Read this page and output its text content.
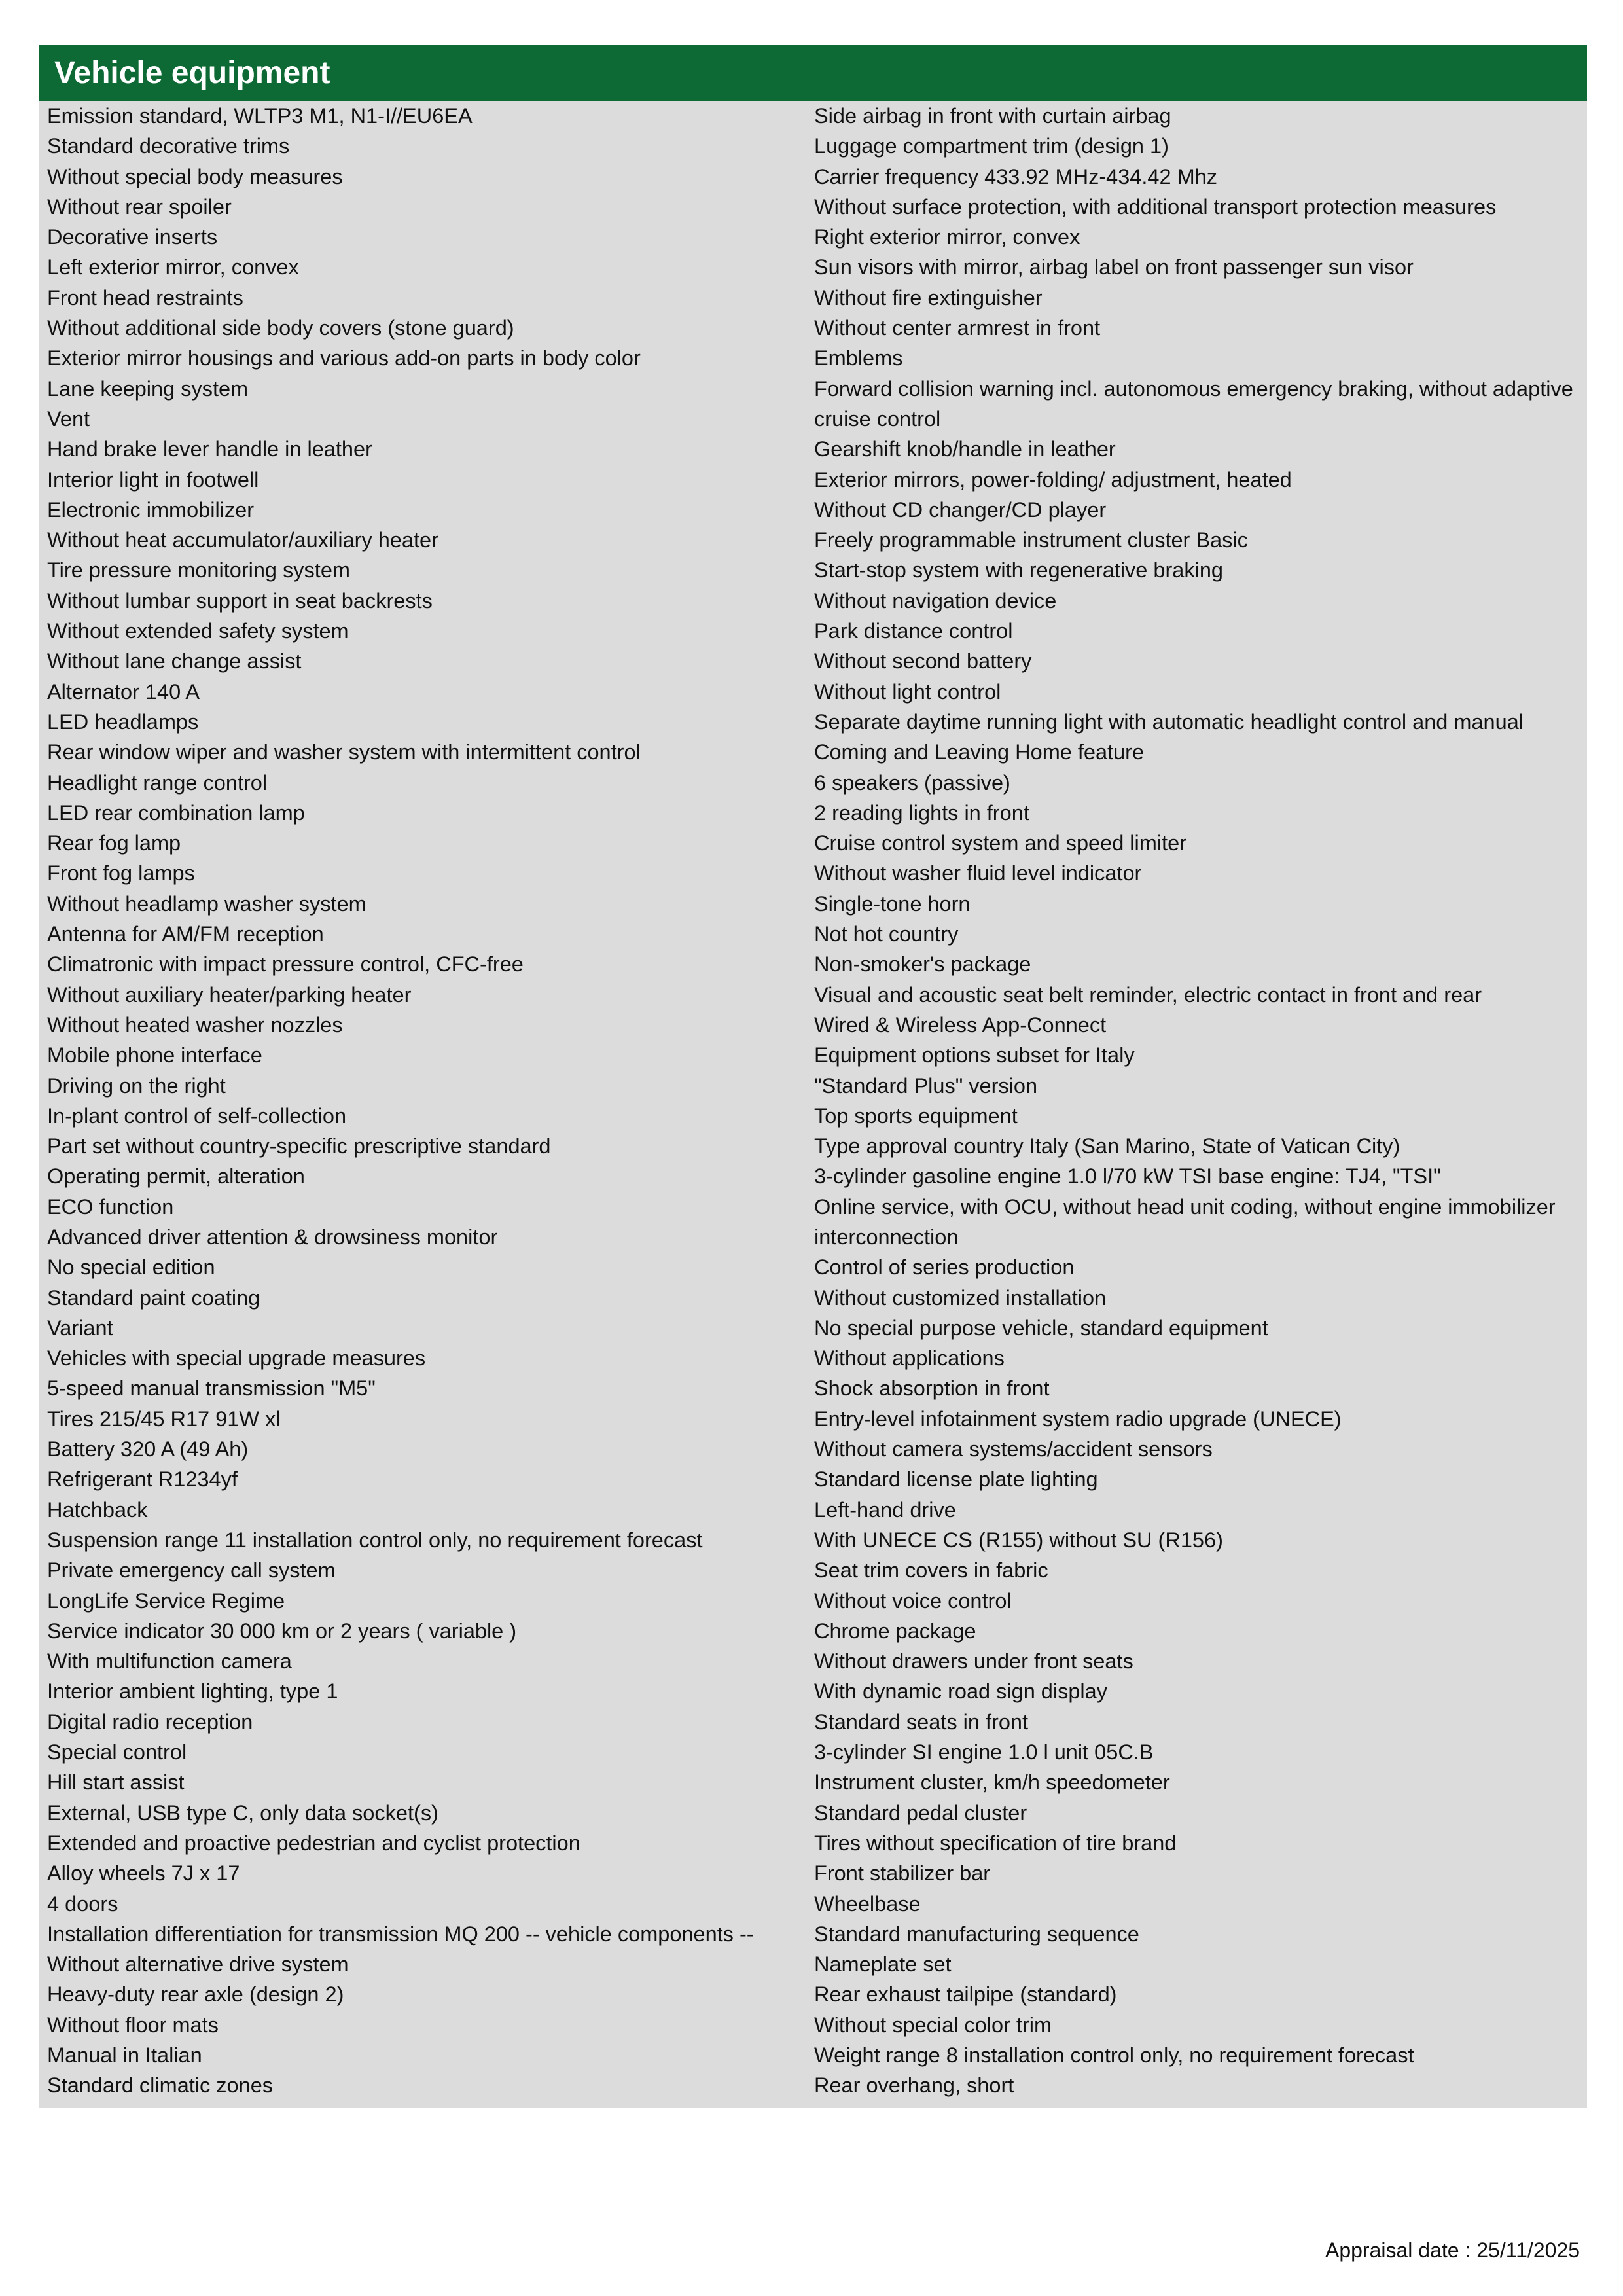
Vehicle equipment
Emission standard, WLTP3 M1, N1-I//EU6EA
Standard decorative trims
Without special body measures
Without rear spoiler
Decorative inserts
Left exterior mirror, convex
Front head restraints
Without additional side body covers (stone guard)
Exterior mirror housings and various add-on parts in body color
Lane keeping system
Vent
Hand brake lever handle in leather
Interior light in footwell
Electronic immobilizer
Without heat accumulator/auxiliary heater
Tire pressure monitoring system
Without lumbar support in seat backrests
Without extended safety system
Without lane change assist
Alternator 140 A
LED headlamps
Rear window wiper and washer system with intermittent control
Headlight range control
LED rear combination lamp
Rear fog lamp
Front fog lamps
Without headlamp washer system
Antenna for AM/FM reception
Climatronic with impact pressure control, CFC-free
Without auxiliary heater/parking heater
Without heated washer nozzles
Mobile phone interface
Driving on the right
In-plant control of self-collection
Part set without country-specific prescriptive standard
Operating permit, alteration
ECO function
Advanced driver attention & drowsiness monitor
No special edition
Standard paint coating
Variant
Vehicles with special upgrade measures
5-speed manual transmission "M5"
Tires 215/45 R17 91W xl
Battery 320 A (49 Ah)
Refrigerant R1234yf
Hatchback
Suspension range 11 installation control only, no requirement forecast
Private emergency call system
LongLife Service Regime
Service indicator 30 000 km or 2 years ( variable )
With multifunction camera
Interior ambient lighting, type 1
Digital radio reception
Special control
Hill start assist
External, USB type C, only data socket(s)
Extended and proactive pedestrian and cyclist protection
Alloy wheels 7J x 17
4 doors
Installation differentiation for transmission MQ 200 -- vehicle components --
Without alternative drive system
Heavy-duty rear axle (design 2)
Without floor mats
Manual in Italian
Standard climatic zones
Side airbag in front with curtain airbag
Luggage compartment trim (design 1)
Carrier frequency 433.92 MHz-434.42 Mhz
Without surface protection, with additional transport protection measures
Right exterior mirror, convex
Sun visors with mirror, airbag label on front passenger sun visor
Without fire extinguisher
Without center armrest in front
Emblems
Forward collision warning incl. autonomous emergency braking, without adaptive cruise control
Gearshift knob/handle in leather
Exterior mirrors, power-folding/ adjustment, heated
Without CD changer/CD player
Freely programmable instrument cluster Basic
Start-stop system with regenerative braking
Without navigation device
Park distance control
Without second battery
Without light control
Separate daytime running light with automatic headlight control and manual
Coming and Leaving Home feature
6 speakers (passive)
2 reading lights in front
Cruise control system and speed limiter
Without washer fluid level indicator
Single-tone horn
Not hot country
Non-smoker's package
Visual and acoustic seat belt reminder, electric contact in front and rear
Wired & Wireless App-Connect
Equipment options subset for Italy
"Standard Plus" version
Top sports equipment
Type approval country Italy (San Marino, State of Vatican City)
3-cylinder gasoline engine 1.0 l/70 kW TSI base engine: TJ4, "TSI"
Online service, with OCU, without head unit coding, without engine immobilizer interconnection
Control of series production
Without customized installation
No special purpose vehicle, standard equipment
Without applications
Shock absorption in front
Entry-level infotainment system radio upgrade (UNECE)
Without camera systems/accident sensors
Standard license plate lighting
Left-hand drive
With UNECE CS (R155) without SU (R156)
Seat trim covers in fabric
Without voice control
Chrome package
Without drawers under front seats
With dynamic road sign display
Standard seats in front
3-cylinder SI engine 1.0 l unit 05C.B
Instrument cluster, km/h speedometer
Standard pedal cluster
Tires without specification of tire brand
Front stabilizer bar
Wheelbase
Standard manufacturing sequence
Nameplate set
Rear exhaust tailpipe (standard)
Without special color trim
Weight range 8 installation control only, no requirement forecast
Rear overhang, short
Appraisal date : 25/11/2025
